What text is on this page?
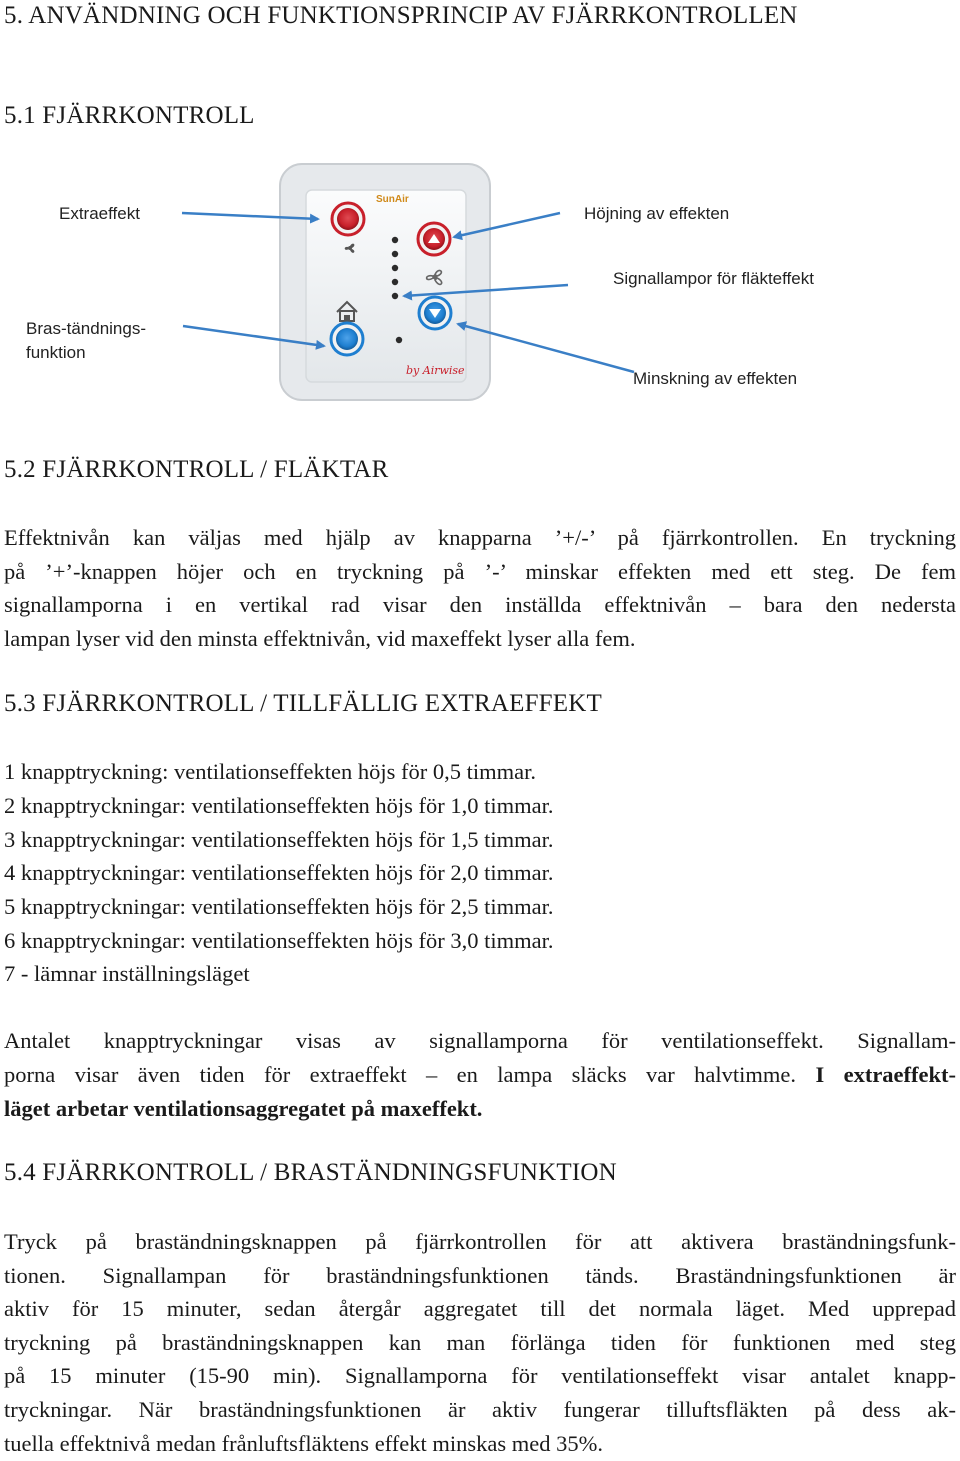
5. ANVÄNDNING OCH FUNKTIONSPRINCIP AV FJÄRRKONTROLLEN
5.1 FJÄRRKONTROLL
SunAir
by Airwise
Extraeffekt	Höjning av effekten
Signallampor för fläkteffekt
Bras-tändnings-
funktion
Minskning av effekten
5.2 FJÄRRKONTROLL / FLÄKTAR
Effektnivån kan väljas med hjälp av knapparna ’+/-’ på fjärrkontrollen. En tryckning
på ’+’-knappen höjer och en tryckning på ’-’ minskar effekten med ett steg. De fem
signallamporna i en vertikal rad visar den inställda effektnivån – bara den nedersta

lampan lyser vid den minsta effektnivån, vid maxeffekt lyser alla fem.

5.3 FJÄRRKONTROLL / TILLFÄLLIG EXTRAEFFEKT

1 knapptryckning: ventilationseffekten höjs för 0,5 timmar.

2 knapptryckningar: ventilationseffekten höjs för 1,0 timmar.

3 knapptryckningar: ventilationseffekten höjs för 1,5 timmar.

4 knapptryckningar: ventilationseffekten höjs för 2,0 timmar.

5 knapptryckningar: ventilationseffekten höjs för 2,5 timmar.

6 knapptryckningar: ventilationseffekten höjs för 3,0 timmar.

7 - lämnar inställningsläget

Antalet knapptryckningar visas av signallamporna för ventilationseffekt. Signallam-
porna visar även tiden för extraeffekt – en lampa släcks var halvtimme. I extraeffekt-

läget arbetar ventilationsaggregatet på maxeffekt.

5.4 FJÄRRKONTROLL / BRASTÄNDNINGSFUNKTION
Tryck på braständningsknappen på fjärrkontrollen för att aktivera braständningsfunk-
tionen. Signallampan för braständningsfunktionen tänds. Braständningsfunktionen är
aktiv för 15 minuter, sedan återgår aggregatet till det normala läget. Med upprepad
tryckning på braständningsknappen kan man förlänga tiden för funktionen med steg
på 15 minuter (15-90 min). Signallamporna för ventilationseffekt visar antalet knapp-
tryckningar. När braständningsfunktionen är aktiv fungerar tilluftsfläkten på dess ak-

tuella effektnivå medan frånluftsfläktens effekt minskas med 35%.
